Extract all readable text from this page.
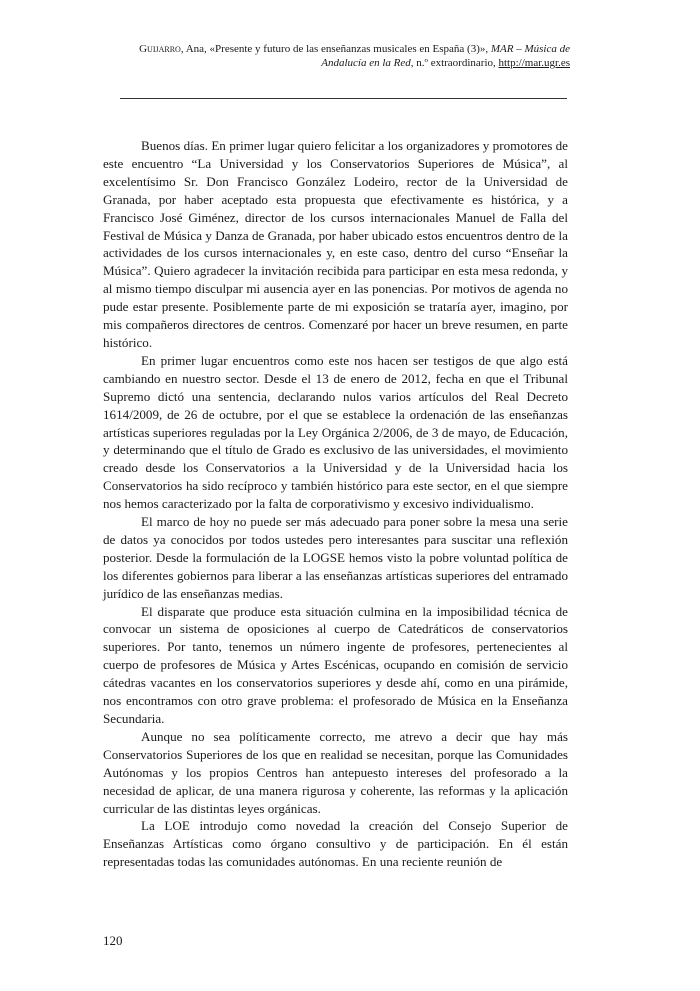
Guijarro, Ana, «Presente y futuro de las enseñanzas musicales en España (3)», MAR – Música de Andalucía en la Red, n.º extraordinario, http://mar.ugr.es

Buenos días. En primer lugar quiero felicitar a los organizadores y promotores de este encuentro “La Universidad y los Conservatorios Superiores de Música”, al excelentísimo Sr. Don Francisco González Lodeiro, rector de la Universidad de Granada, por haber aceptado esta propuesta que efectivamente es histórica, y a Francisco José Giménez, director de los cursos internacionales Manuel de Falla del Festival de Música y Danza de Granada, por haber ubicado estos encuentros dentro de la actividades de los cursos internacionales y, en este caso, dentro del curso “Enseñar la Música”. Quiero agradecer la invitación recibida para participar en esta mesa redonda, y al mismo tiempo disculpar mi ausencia ayer en las ponencias. Por motivos de agenda no pude estar presente. Posiblemente parte de mi exposición se trataría ayer, imagino, por mis compañeros directores de centros. Comenzaré por hacer un breve resumen, en parte histórico.

En primer lugar encuentros como este nos hacen ser testigos de que algo está cambiando en nuestro sector. Desde el 13 de enero de 2012, fecha en que el Tribunal Supremo dictó una sentencia, declarando nulos varios artículos del Real Decreto 1614/2009, de 26 de octubre, por el que se establece la ordenación de las enseñanzas artísticas superiores reguladas por la Ley Orgánica 2/2006, de 3 de mayo, de Educación, y determinando que el título de Grado es exclusivo de las universidades, el movimiento creado desde los Conservatorios a la Universidad y de la Universidad hacia los Conservatorios ha sido recíproco y también histórico para este sector, en el que siempre nos hemos caracterizado por la falta de corporativismo y excesivo individualismo.

El marco de hoy no puede ser más adecuado para poner sobre la mesa una serie de datos ya conocidos por todos ustedes pero interesantes para suscitar una reflexión posterior. Desde la formulación de la LOGSE hemos visto la pobre voluntad política de los diferentes gobiernos para liberar a las enseñanzas artísticas superiores del entramado jurídico de las enseñanzas medias.

El disparate que produce esta situación culmina en la imposibilidad técnica de convocar un sistema de oposiciones al cuerpo de Catedráticos de conservatorios superiores. Por tanto, tenemos un número ingente de profesores, pertenecientes al cuerpo de profesores de Música y Artes Escénicas, ocupando en comisión de servicio cátedras vacantes en los conservatorios superiores y desde ahí, como en una pirámide, nos encontramos con otro grave problema: el profesorado de Música en la Enseñanza Secundaria.

Aunque no sea políticamente correcto, me atrevo a decir que hay más Conservatorios Superiores de los que en realidad se necesitan, porque las Comunidades Autónomas y los propios Centros han antepuesto intereses del profesorado a la necesidad de aplicar, de una manera rigurosa y coherente, las reformas y la aplicación curricular de las distintas leyes orgánicas.

La LOE introdujo como novedad la creación del Consejo Superior de Enseñanzas Artísticas como órgano consultivo y de participación. En él están representadas todas las comunidades autónomas. En una reciente reunión de

120
